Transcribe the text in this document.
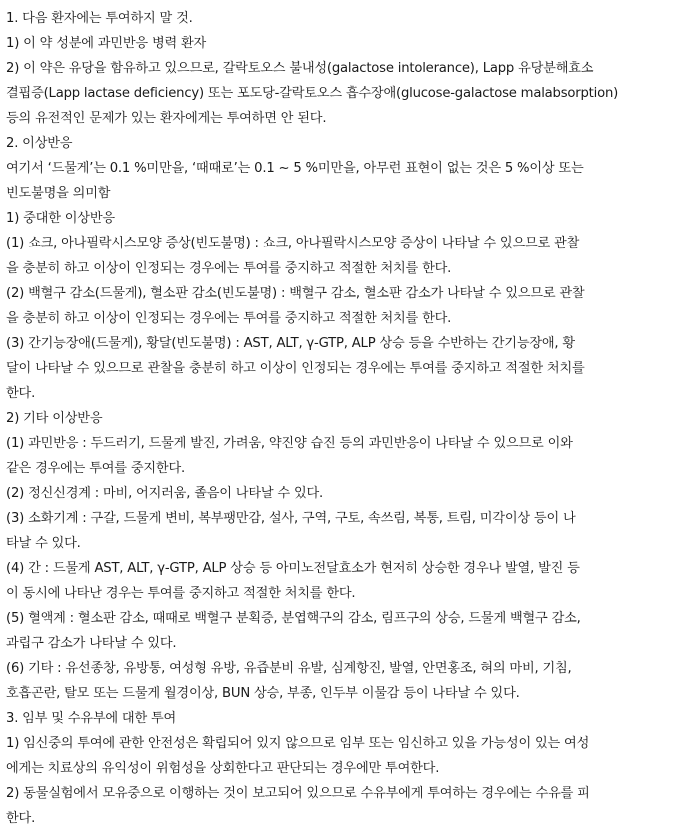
1. 다음 환자에는 투여하지 말 것.
1) 이 약 성분에 과민반응 병력 환자
2) 이 약은 유당을 함유하고 있으므로, 갈락토오스 불내성(galactose intolerance), Lapp 유당분해효소
결핍증(Lapp lactase deficiency) 또는 포도당-갈락토오스 흡수장애(glucose-galactose malabsorption)
등의 유전적인 문제가 있는 환자에게는 투여하면 안 된다.
2. 이상반응
여기서 ‘드물게’는 0.1 %미만을, ‘때때로’는 0.1 ~ 5 %미만을, 아무런 표현이 없는 것은 5 %이상 또는
빈도불명을 의미함
1) 중대한 이상반응
(1) 쇼크, 아나필락시스모양 증상(빈도불명) : 쇼크, 아나필락시스모양 증상이 나타날 수 있으므로 관찰
을 충분히 하고 이상이 인정되는 경우에는 투여를 중지하고 적절한 처치를 한다.
(2) 백혈구 감소(드물게), 혈소판 감소(빈도불명) : 백혈구 감소, 혈소판 감소가 나타날 수 있으므로 관찰
을 충분히 하고 이상이 인정되는 경우에는 투여를 중지하고 적절한 처치를 한다.
(3) 간기능장애(드물게), 황달(빈도불명) : AST, ALT, γ-GTP, ALP 상승 등을 수반하는 간기능장애, 황
달이 나타날 수 있으므로 관찰을 충분히 하고 이상이 인정되는 경우에는 투여를 중지하고 적절한 처치를
한다.
2) 기타 이상반응
(1) 과민반응 : 두드러기, 드물게 발진, 가려움, 약진양 습진 등의 과민반응이 나타날 수 있으므로 이와
같은 경우에는 투여를 중지한다.
(2) 정신신경계 : 마비, 어지러움, 졸음이 나타날 수 있다.
(3) 소화기계 : 구갈, 드물게 변비, 복부팽만감, 설사, 구역, 구토, 속쓰림, 복통, 트림, 미각이상 등이 나
타날 수 있다.
(4) 간 : 드물게 AST, ALT, γ-GTP, ALP 상승 등 아미노전달효소가 현저히 상승한 경우나 발열, 발진 등
이 동시에 나타난 경우는 투여를 중지하고 적절한 처치를 한다.
(5) 혈액계 : 혈소판 감소, 때때로 백혈구 분획증, 분엽핵구의 감소, 림프구의 상승, 드물게 백혈구 감소,
과립구 감소가 나타날 수 있다.
(6) 기타 : 유선종창, 유방통, 여성형 유방, 유즙분비 유발, 심계항진, 발열, 안면홍조, 혀의 마비, 기침,
호흡곤란, 탈모 또는 드물게 월경이상, BUN 상승, 부종, 인두부 이물감 등이 나타날 수 있다.
3. 임부 및 수유부에 대한 투여
1) 임신중의 투여에 관한 안전성은 확립되어 있지 않으므로 임부 또는 임신하고 있을 가능성이 있는 여성
에게는 치료상의 유익성이 위험성을 상회한다고 판단되는 경우에만 투여한다.
2) 동물실험에서 모유중으로 이행하는 것이 보고되어 있으므로 수유부에게 투여하는 경우에는 수유를 피
한다.
